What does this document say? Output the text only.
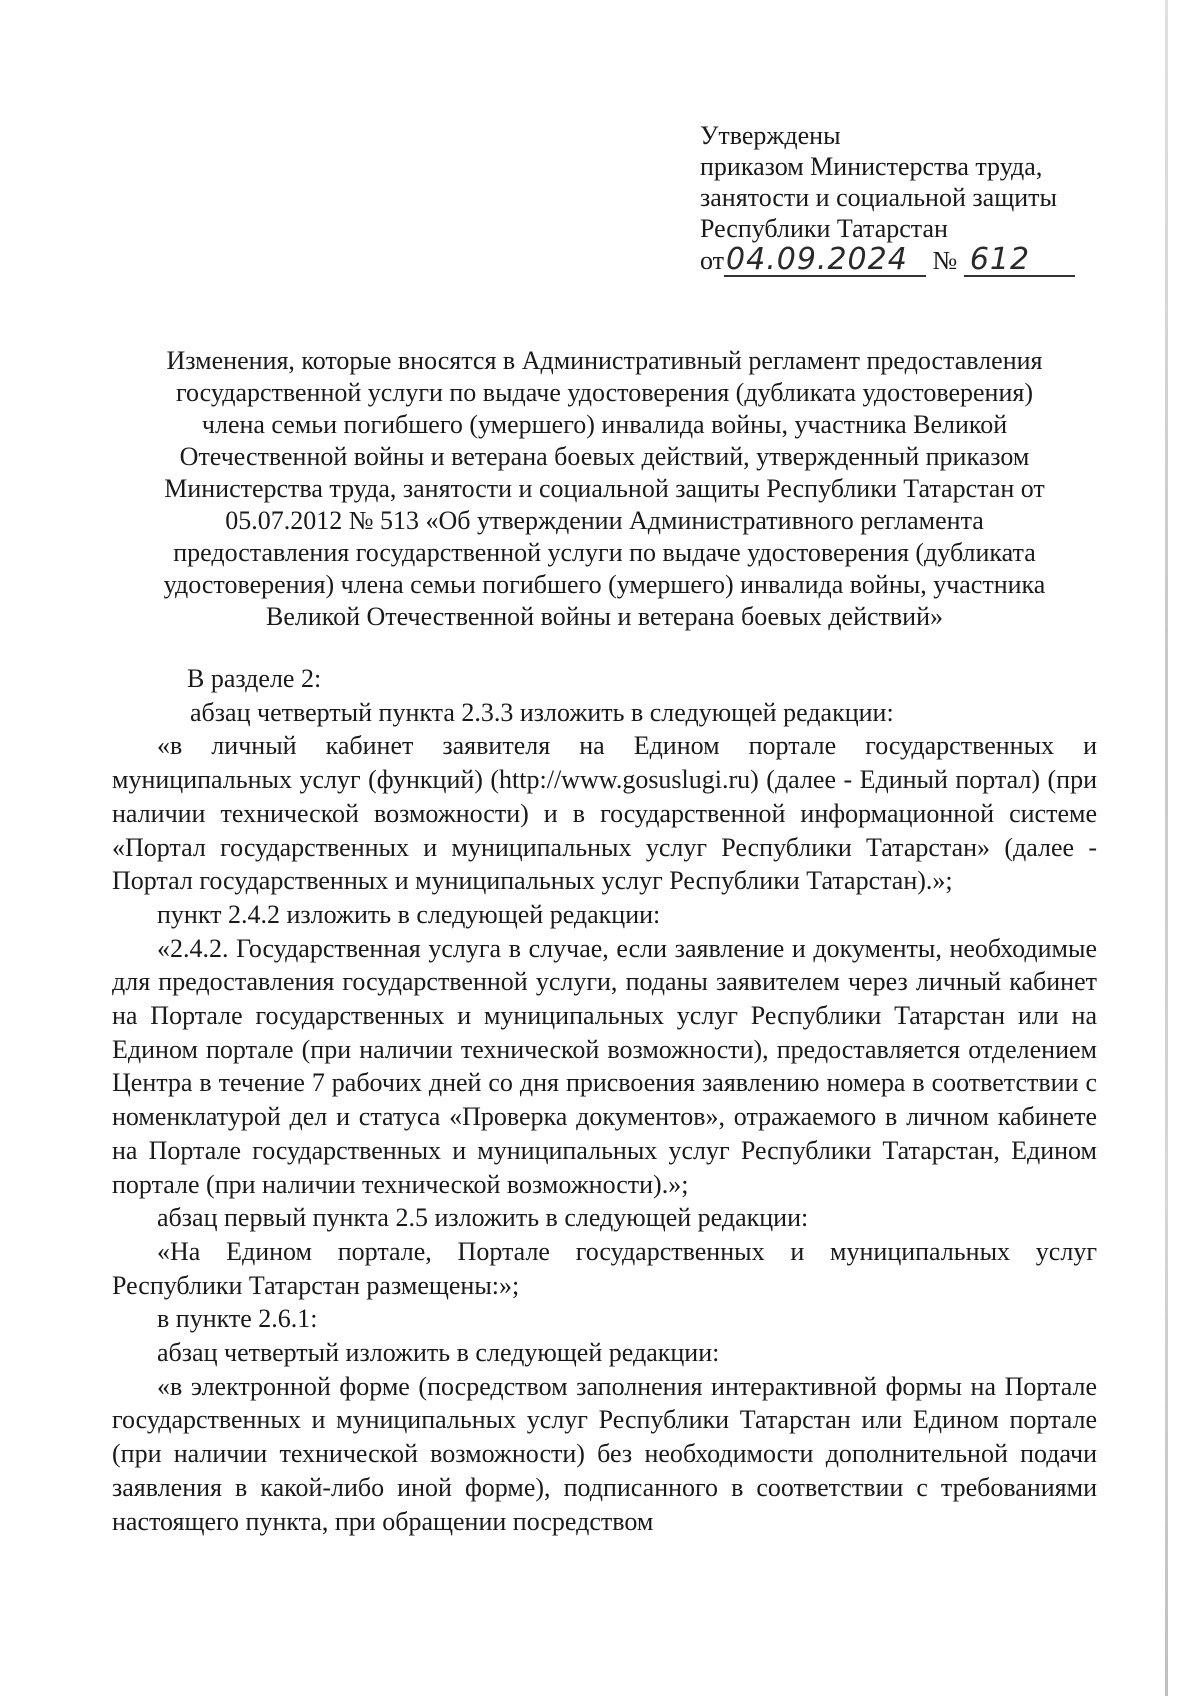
Утверждены
приказом Министерства труда,
занятости и социальной защиты
Республики Татарстан
от04.09.2024 № 612
Изменения, которые вносятся в Административный регламент предоставления
государственной услуги по выдаче удостоверения (дубликата удостоверения)
члена семьи погибшего (умершего) инвалида войны, участника Великой
Отечественной войны и ветерана боевых действий, утвержденный приказом
Министерства труда, занятости и социальной защиты Республики Татарстан от
05.07.2012 № 513 «Об утверждении Административного регламента
предоставления государственной услуги по выдаче удостоверения (дубликата
удостоверения) члена семьи погибшего (умершего) инвалида войны, участника
Великой Отечественной войны и ветерана боевых действий»

В разделе 2:

абзац четвертый пункта 2.3.3 изложить в следующей редакции:

«в личный кабинет заявителя на Едином портале государственных и муниципальных услуг (функций) (http://www.gosuslugi.ru) (далее - Единый портал) (при наличии технической возможности) и в государственной информационной системе «Портал государственных и муниципальных услуг Республики Татарстан» (далее - Портал государственных и муниципальных услуг Республики Татарстан).»;

пункт 2.4.2 изложить в следующей редакции:

«2.4.2. Государственная услуга в случае, если заявление и документы, необходимые для предоставления государственной услуги, поданы заявителем через личный кабинет на Портале государственных и муниципальных услуг Республики Татарстан или на Едином портале (при наличии технической возможности), предоставляется отделением Центра в течение 7 рабочих дней со дня присвоения заявлению номера в соответствии с номенклатурой дел и статуса «Проверка документов», отражаемого в личном кабинете на Портале государственных и муниципальных услуг Республики Татарстан, Едином портале (при наличии технической возможности).»;

абзац первый пункта 2.5 изложить в следующей редакции:

«На Едином портале, Портале государственных и муниципальных услуг Республики Татарстан размещены:»;

в пункте 2.6.1:

абзац четвертый изложить в следующей редакции:

«в электронной форме (посредством заполнения интерактивной формы на Портале государственных и муниципальных услуг Республики Татарстан или Едином портале (при наличии технической возможности) без необходимости дополнительной подачи заявления в какой-либо иной форме), подписанного в соответствии с требованиями настоящего пункта, при обращении посредством
